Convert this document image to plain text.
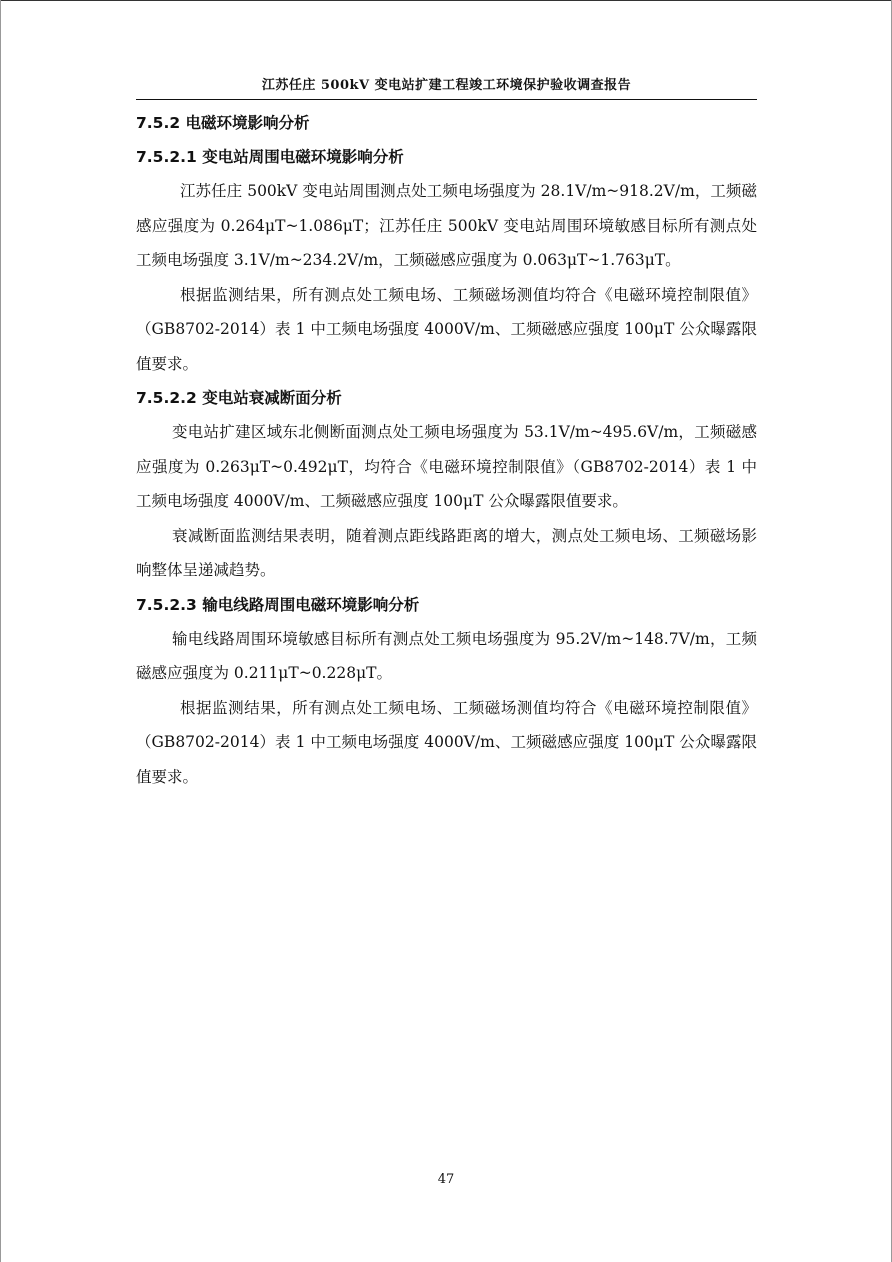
江苏任庄 500kV 变电站扩建工程竣工环境保护验收调查报告
7.5.2 电磁环境影响分析
7.5.2.1 变电站周围电磁环境影响分析

江苏任庄 500kV 变电站周围测点处工频电场强度为 28.1V/m~918.2V/m，工频磁感应强度为 0.264μT~1.086μT；江苏任庄 500kV 变电站周围环境敏感目标所有测点处工频电场强度 3.1V/m~234.2V/m，工频磁感应强度为 0.063μT~1.763μT。

根据监测结果，所有测点处工频电场、工频磁场测值均符合《电磁环境控制限值》（GB8702-2014）表 1 中工频电场强度 4000V/m、工频磁感应强度 100μT 公众曝露限值要求。

7.5.2.2 变电站衰减断面分析

变电站扩建区域东北侧断面测点处工频电场强度为 53.1V/m~495.6V/m，工频磁感应强度为 0.263μT~0.492μT，均符合《电磁环境控制限值》（GB8702-2014）表 1 中工频电场强度 4000V/m、工频磁感应强度 100μT 公众曝露限值要求。

衰减断面监测结果表明，随着测点距线路距离的增大，测点处工频电场、工频磁场影响整体呈递减趋势。

7.5.2.3 输电线路周围电磁环境影响分析

输电线路周围环境敏感目标所有测点处工频电场强度为 95.2V/m~148.7V/m，工频磁感应强度为 0.211μT~0.228μT。

根据监测结果，所有测点处工频电场、工频磁场测值均符合《电磁环境控制限值》（GB8702-2014）表 1 中工频电场强度 4000V/m、工频磁感应强度 100μT 公众曝露限值要求。

47
